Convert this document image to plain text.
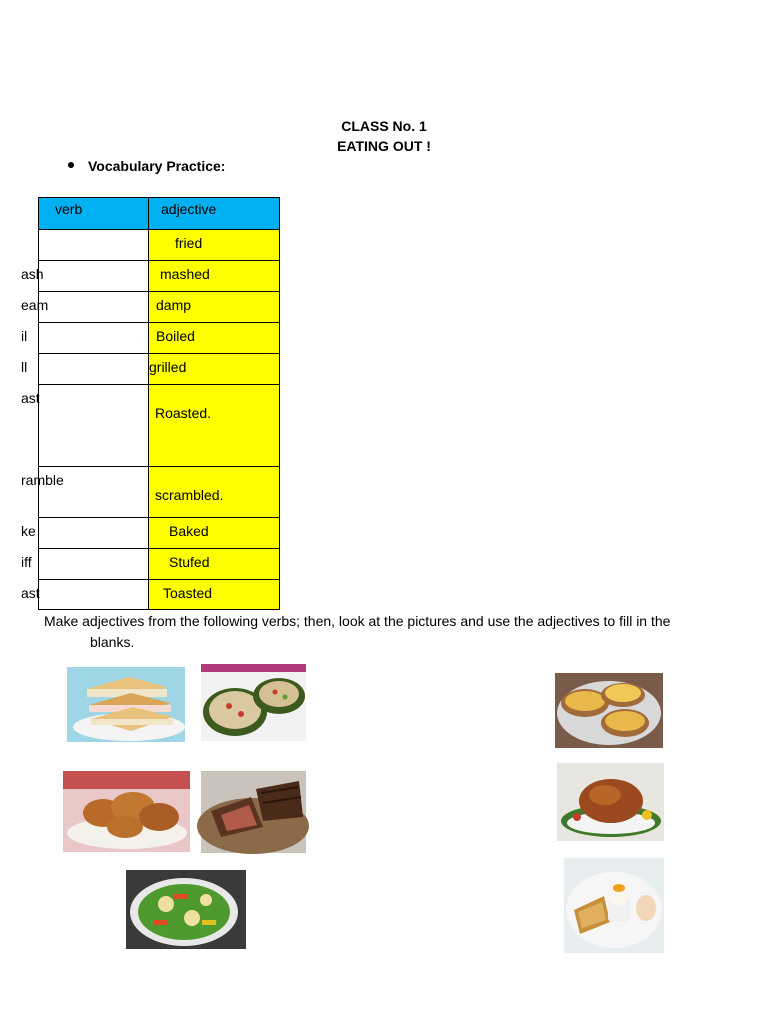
CLASS No. 1
EATING OUT !
Vocabulary Practice:
verb	adjective

	fried

ash	mashed

eam	damp

il	Boiled

ll	grilled

ast	Roasted.

ramble	scrambled.

ke	Baked

iff	Stufed

ast	Toasted
Make adjectives from the following verbs; then, look at the pictures and use the adjectives to fill in the
blanks.
